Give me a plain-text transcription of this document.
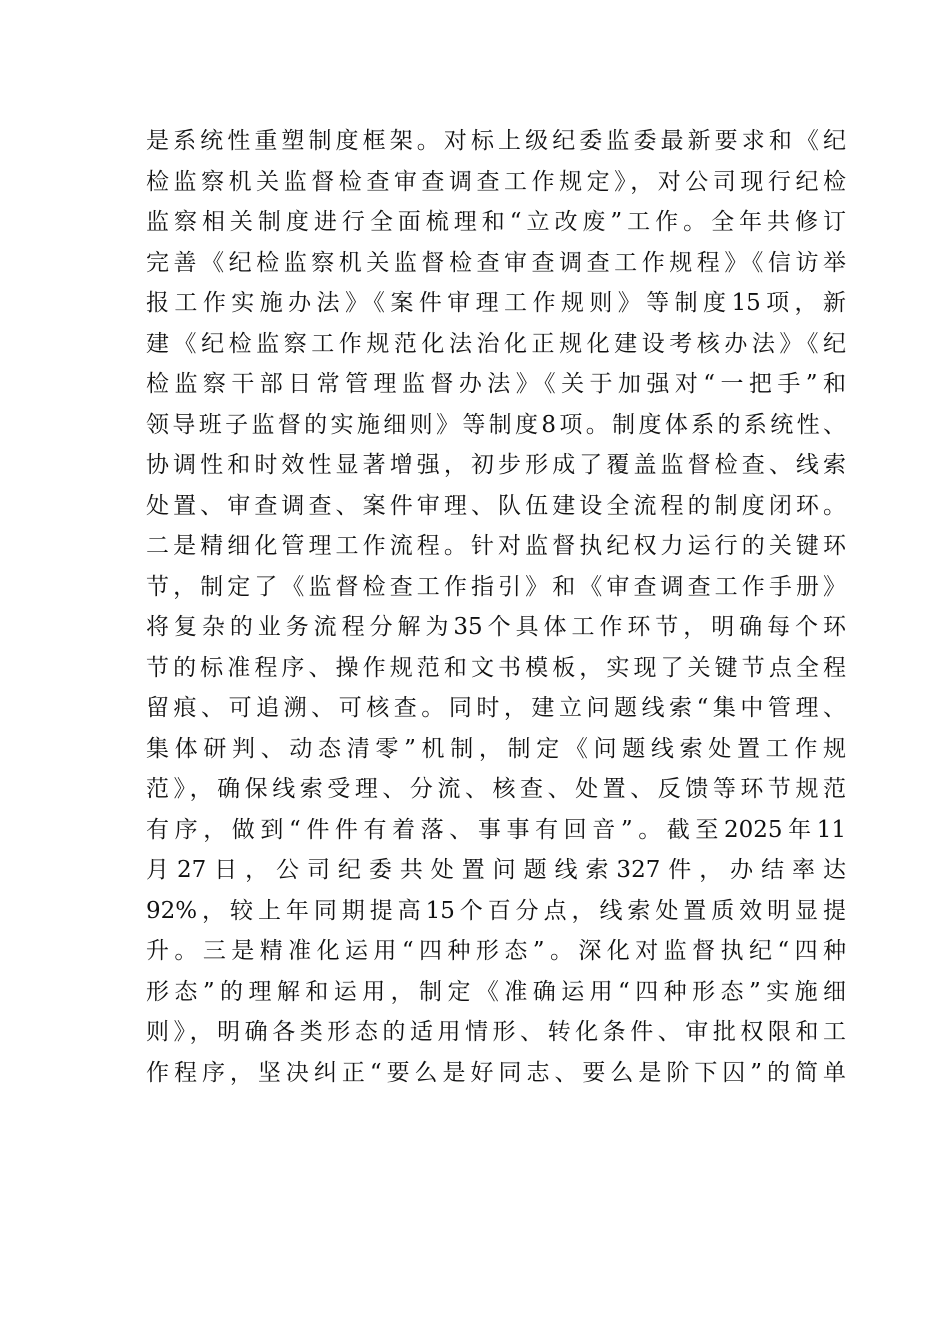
是系统性重塑制度框架。对标上级纪委监委最新要求和《纪
检监察机关监督检查审查调查工作规定》，对公司现行纪检
监察相关制度进行全面梳理和“立改废”工作。全年共修订
完善《纪检监察机关监督检查审查调查工作规程》《信访举
报工作实施办法》《案件审理工作规则》等制度15项，新
建《纪检监察工作规范化法治化正规化建设考核办法》《纪
检监察干部日常管理监督办法》《关于加强对“一把手”和
领导班子监督的实施细则》等制度8项。制度体系的系统性、
协调性和时效性显著增强，初步形成了覆盖监督检查、线索
处置、审查调查、案件审理、队伍建设全流程的制度闭环。
二是精细化管理工作流程。针对监督执纪权力运行的关键环
节，制定了《监督检查工作指引》和《审查调查工作手册》
将复杂的业务流程分解为35个具体工作环节，明确每个环
节的标准程序、操作规范和文书模板，实现了关键节点全程
留痕、可追溯、可核查。同时，建立问题线索“集中管理、
集体研判、动态清零”机制，制定《问题线索处置工作规
范》，确保线索受理、分流、核查、处置、反馈等环节规范
有序，做到“件件有着落、事事有回音”。截至2025年11
月27日，公司纪委共处置问题线索327件，办结率达
92%，较上年同期提高15个百分点，线索处置质效明显提
升。三是精准化运用“四种形态”。深化对监督执纪“四种
形态”的理解和运用，制定《准确运用“四种形态”实施细
则》，明确各类形态的适用情形、转化条件、审批权限和工
作程序，坚决纠正“要么是好同志、要么是阶下囚”的简单
